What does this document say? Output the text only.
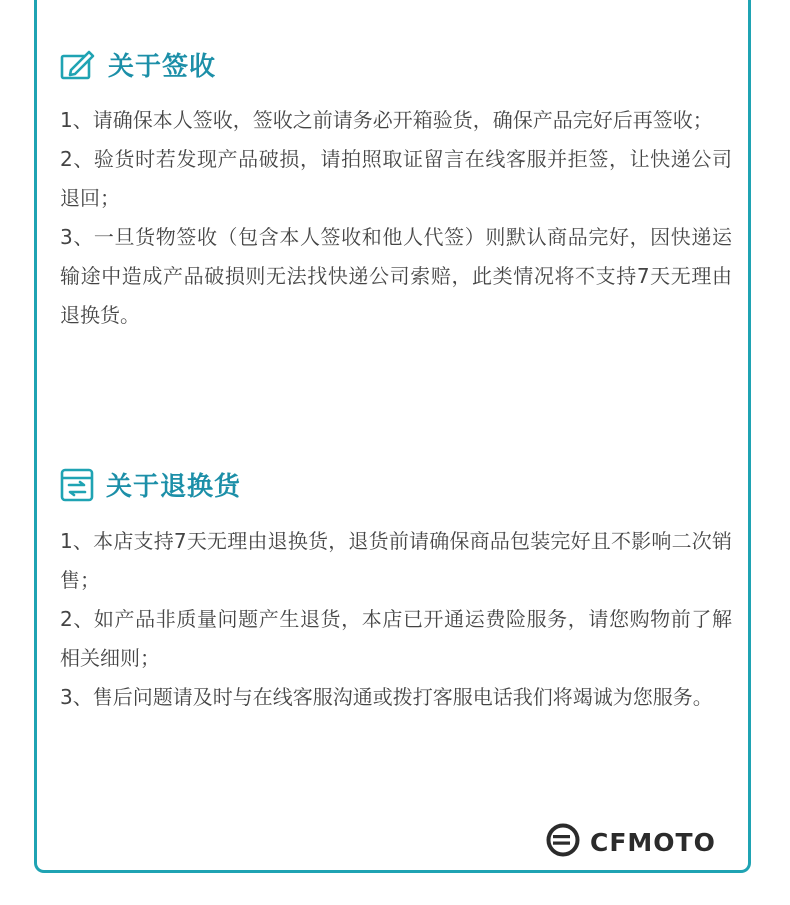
关于签收

1、请确保本人签收，签收之前请务必开箱验货，确保产品完好后再签收；

2、验货时若发现产品破损，请拍照取证留言在线客服并拒签，让快递公司退回；

3、一旦货物签收（包含本人签收和他人代签）则默认商品完好，因快递运输途中造成产品破损则无法找快递公司索赔，此类情况将不支持7天无理由退换货。

关于退换货

1、本店支持7天无理由退换货，退货前请确保商品包装完好且不影响二次销售；

2、如产品非质量问题产生退货，本店已开通运费险服务，请您购物前了解相关细则；

3、售后问题请及时与在线客服沟通或拨打客服电话我们将竭诚为您服务。

CFMOTO
